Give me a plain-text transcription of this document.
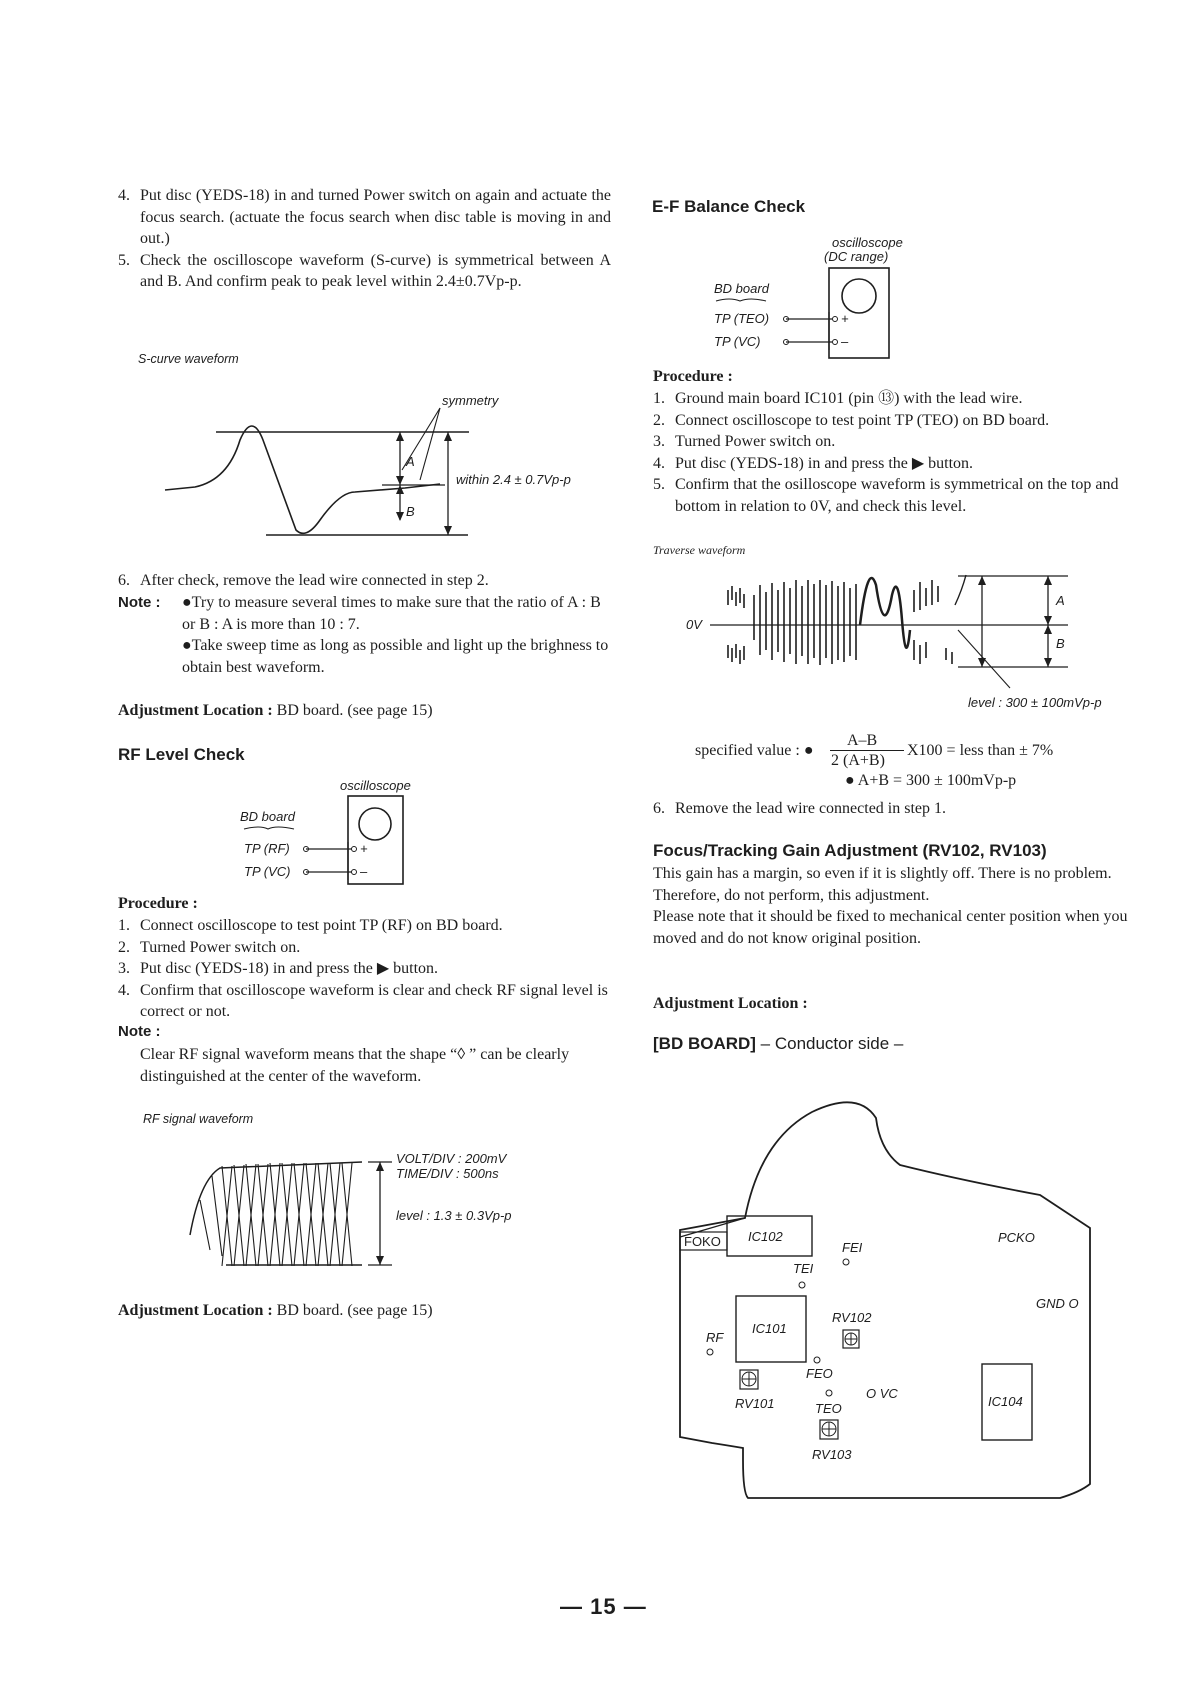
4. Put disc (YEDS-18) in and turned Power switch on again and actuate the focus search. (actuate the focus search when disc table is moving in and out.)
5. Check the oscilloscope waveform (S-curve) is symmetrical between A and B. And confirm peak to peak level within 2.4±0.7Vp-p.
S-curve waveform
symmetry
A
B
within 2.4 ± 0.7Vp-p
6. After check, remove the lead wire connected in step 2.
Note : ●Try to measure several times to make sure that the ratio of A : B or B : A is more than 10 : 7.
●Take sweep time as long as possible and light up the brighness to obtain best waveform.
Adjustment Location : BD board. (see page 15)
RF Level Check
oscilloscope
BD board
TP (RF)
TP (VC)
+
–
Procedure :
1. Connect oscilloscope to test point TP (RF) on BD board.
2. Turned Power switch on.
3. Put disc (YEDS-18) in and press the ▶ button.
4. Confirm that oscilloscope waveform is clear and check RF signal level is correct or not.
Note :
Clear RF signal waveform means that the shape “◊ ” can be clearly distinguished at the center of the waveform.
RF signal waveform
VOLT/DIV : 200mV
TIME/DIV : 500ns
level : 1.3 ± 0.3Vp-p
Adjustment Location : BD board. (see page 15)
E-F Balance Check
oscilloscope
(DC range)
BD board
TP (TEO)
TP (VC)
+
–
Procedure :
1. Ground main board IC101 (pin ⑬) with the lead wire.
2. Connect oscilloscope to test point TP (TEO) on BD board.
3. Turned Power switch on.
4. Put disc (YEDS-18) in and press the ▶ button.
5. Confirm that the osilloscope waveform is symmetrical on the top and bottom in relation to 0V, and check this level.
Traverse waveform
0V
A
B
level : 300 ± 100mVp-p
specified value : ●
A–B
2 (A+B)
X100 = less than ± 7%
● A+B = 300 ± 100mVp-p
6. Remove the lead wire connected in step 1.
Focus/Tracking Gain Adjustment (RV102, RV103)
This gain has a margin, so even if it is slightly off. There is no problem.
Therefore, do not perform, this adjustment.
Please note that it should be fixed to mechanical center position when you moved and do not know original position.
Adjustment Location :
[BD BOARD] – Conductor side –
FOKO IC102
FEI
TEI
PCKO
GND O
IC101
RF
RV102
FEO
RV101	TEO
O VC
RV103
IC104
— 15 —
